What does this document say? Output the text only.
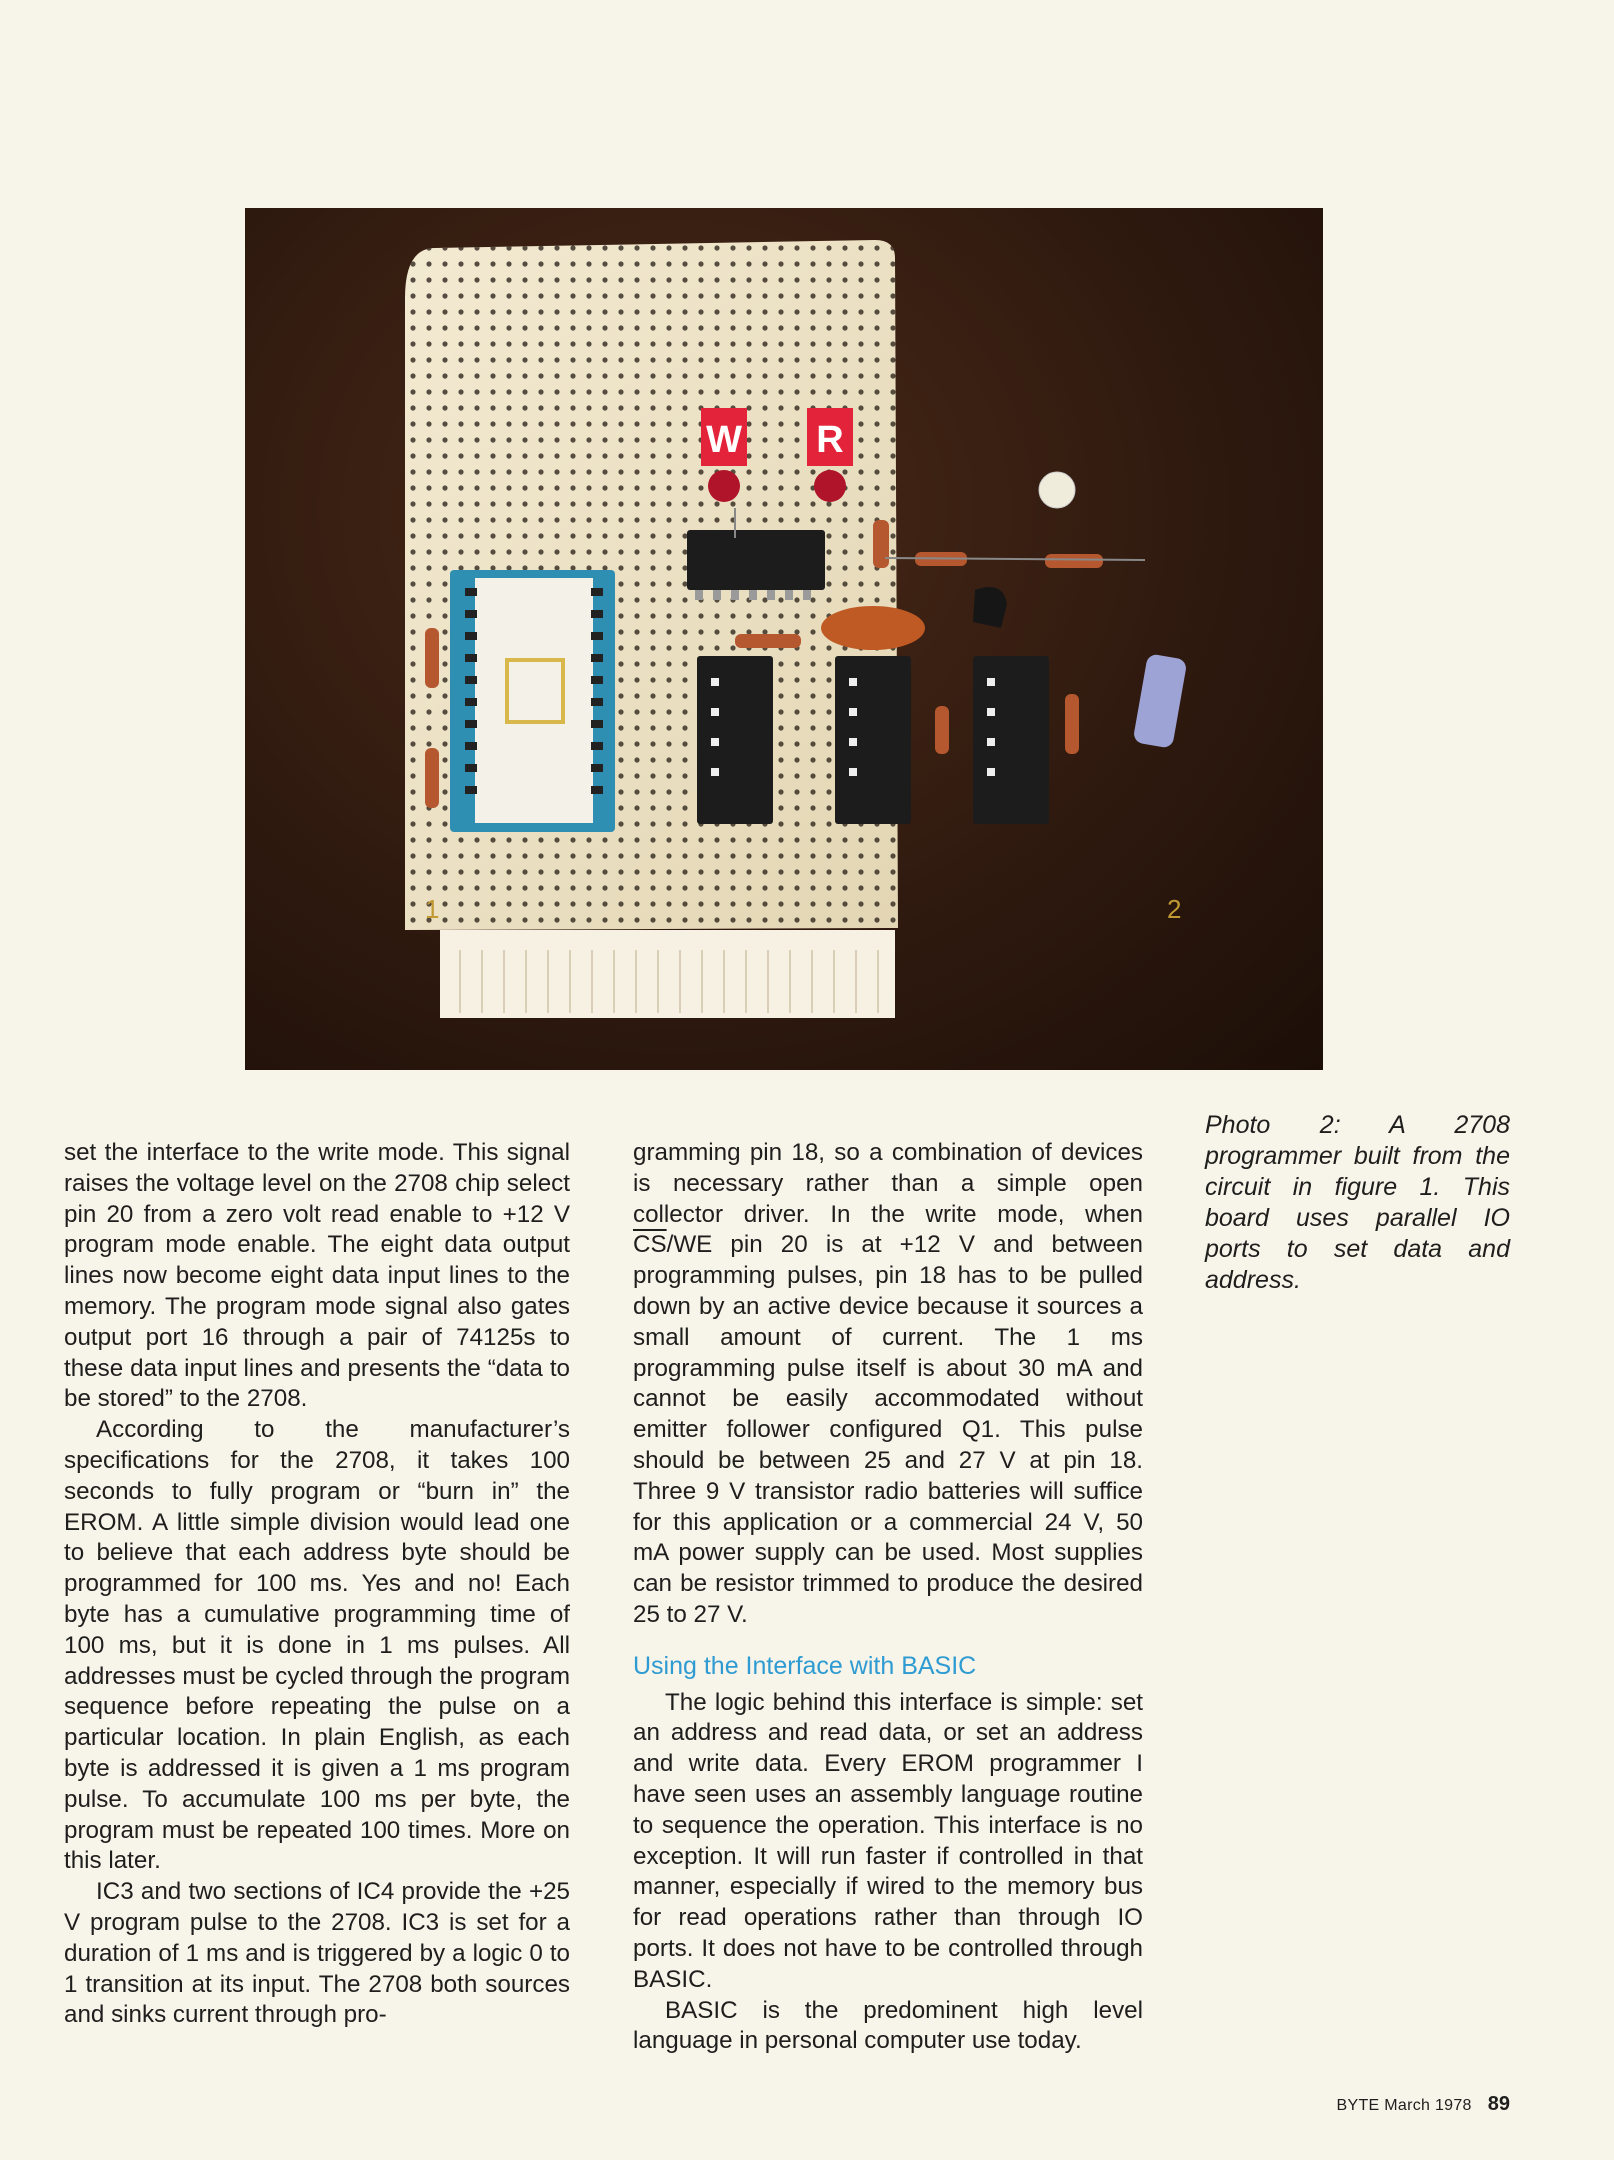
W R
1	2

set the interface to the write mode. This signal raises the voltage level on the 2708 chip select pin 20 from a zero volt read enable to +12 V program mode enable. The eight data output lines now become eight data input lines to the memory. The program mode signal also gates output port 16 through a pair of 74125s to these data input lines and presents the “data to be stored” to the 2708.

According to the manufacturer’s specifications for the 2708, it takes 100 seconds to fully program or “burn in” the EROM. A little simple division would lead one to believe that each address byte should be programmed for 100 ms. Yes and no! Each byte has a cumulative programming time of 100 ms, but it is done in 1 ms pulses. All addresses must be cycled through the program sequence before repeating the pulse on a particular location. In plain English, as each byte is addressed it is given a 1 ms program pulse. To accumulate 100 ms per byte, the program must be repeated 100 times. More on this later.

IC3 and two sections of IC4 provide the +25 V program pulse to the 2708. IC3 is set for a duration of 1 ms and is triggered by a logic 0 to 1 transition at its input. The 2708 both sources and sinks current through pro-

gramming pin 18, so a combination of devices is necessary rather than a simple open collector driver. In the write mode, when $\overline{CS}/WE$ pin 20 is at +12 V and between programming pulses, pin 18 has to be pulled down by an active device because it sources a small amount of current. The 1 ms programming pulse itself is about 30 mA and cannot be easily accommodated without emitter follower configured Q1. This pulse should be between 25 and 27 V at pin 18. Three 9 V transistor radio batteries will suffice for this application or a commercial 24 V, 50 mA power supply can be used. Most supplies can be resistor trimmed to produce the desired 25 to 27 V.

Using the Interface with BASIC

The logic behind this interface is simple: set an address and read data, or set an address and write data. Every EROM programmer I have seen uses an assembly language routine to sequence the operation. This interface is no exception. It will run faster if controlled in that manner, especially if wired to the memory bus for read operations rather than through IO ports. It does not have to be controlled through BASIC.

BASIC is the predominent high level language in personal computer use today.

Photo 2: A 2708 programmer built from the circuit in figure 1. This board uses parallel IO ports to set data and address.
BYTE March 1978 89
